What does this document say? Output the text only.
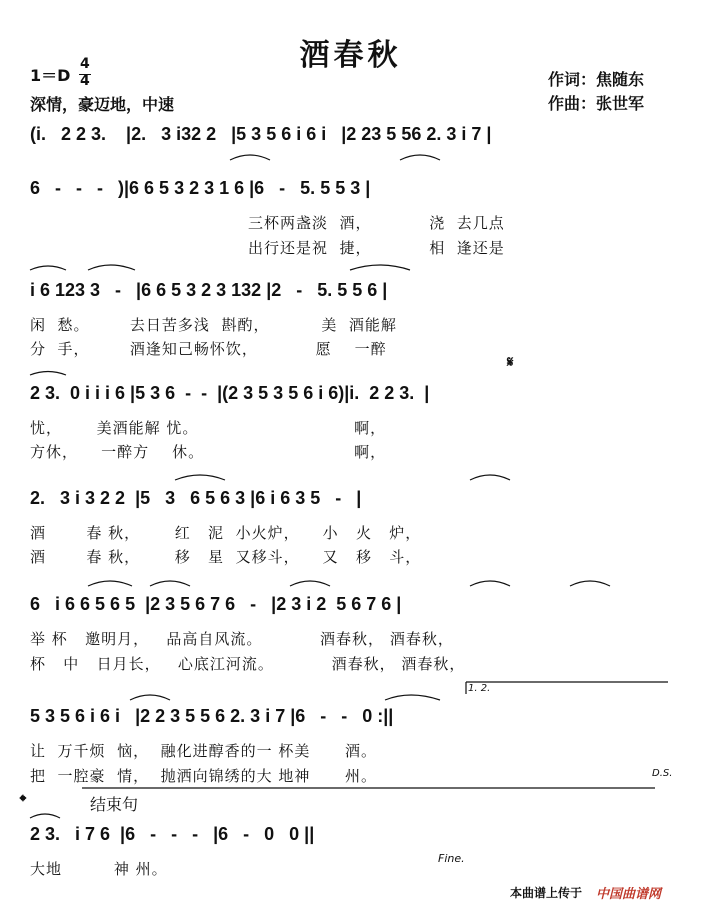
酒春秋
1＝D
4
4
深情，豪迈地，中速
作词：焦随东
作曲：张世军
(i.   2 2 3.    |2.   3 i32 2   |5 3 5 6 i 6 i   |2 23 5 56 2. 3 i 7 |
6   -   -   -   )|6 6 5 3 2 3 1 6 |6   -   5. 5 5 3 |
三杯两盏淡  酒，          浇  去几点
出行还是祝  捷，          相  逢还是
i 6 123 3   -   |6 6 5 3 2 3 132 |2   -   5. 5 5 6 |
闲  愁。       去日苦多浅  斟酌，         美  酒能解
分  手，       酒逢知己畅怀饮，          愿    一醉
2 3.  0 i i i 6 |5 3 6  -  -  |(2 3 5 3 5 6 i 6)|i.  2 2 3.  |
忧，      美酒能解 忧。                           啊，
方休，    一醉方    休。                          啊，
𝄋
2.   3 i 3 2 2  |5   3   6 5 6 3 |6 i 6 3 5   -   |
酒       春 秋，      红   泥  小火炉，    小   火   炉，
酒       春 秋，      移   星  又移斗，    又   移   斗，
6   i 6 6 5 6 5  |2 3 5 6 7 6   -   |2 3 i 2  5 6 7 6 |
举 杯   邀明月，   品高自风流。          酒春秋， 酒春秋，
杯   中   日月长，   心底江河流。          酒春秋， 酒春秋，
1. 2.
5 3 5 6 i 6 i   |2 2 3 5 5 6 2. 3 i 7 |6   -   -   0 :||
让  万千烦  恼，  融化进醇香的一 杯美      酒。
把  一腔豪  情，  抛洒向锦绣的大 地神      州。	D.S.
𝄌	结束句
2 3.   i 7 6  |6   -   -   -   |6   -   0   0 ||
大地         神 州。
Fine.
本曲谱上传于 中国曲谱网
